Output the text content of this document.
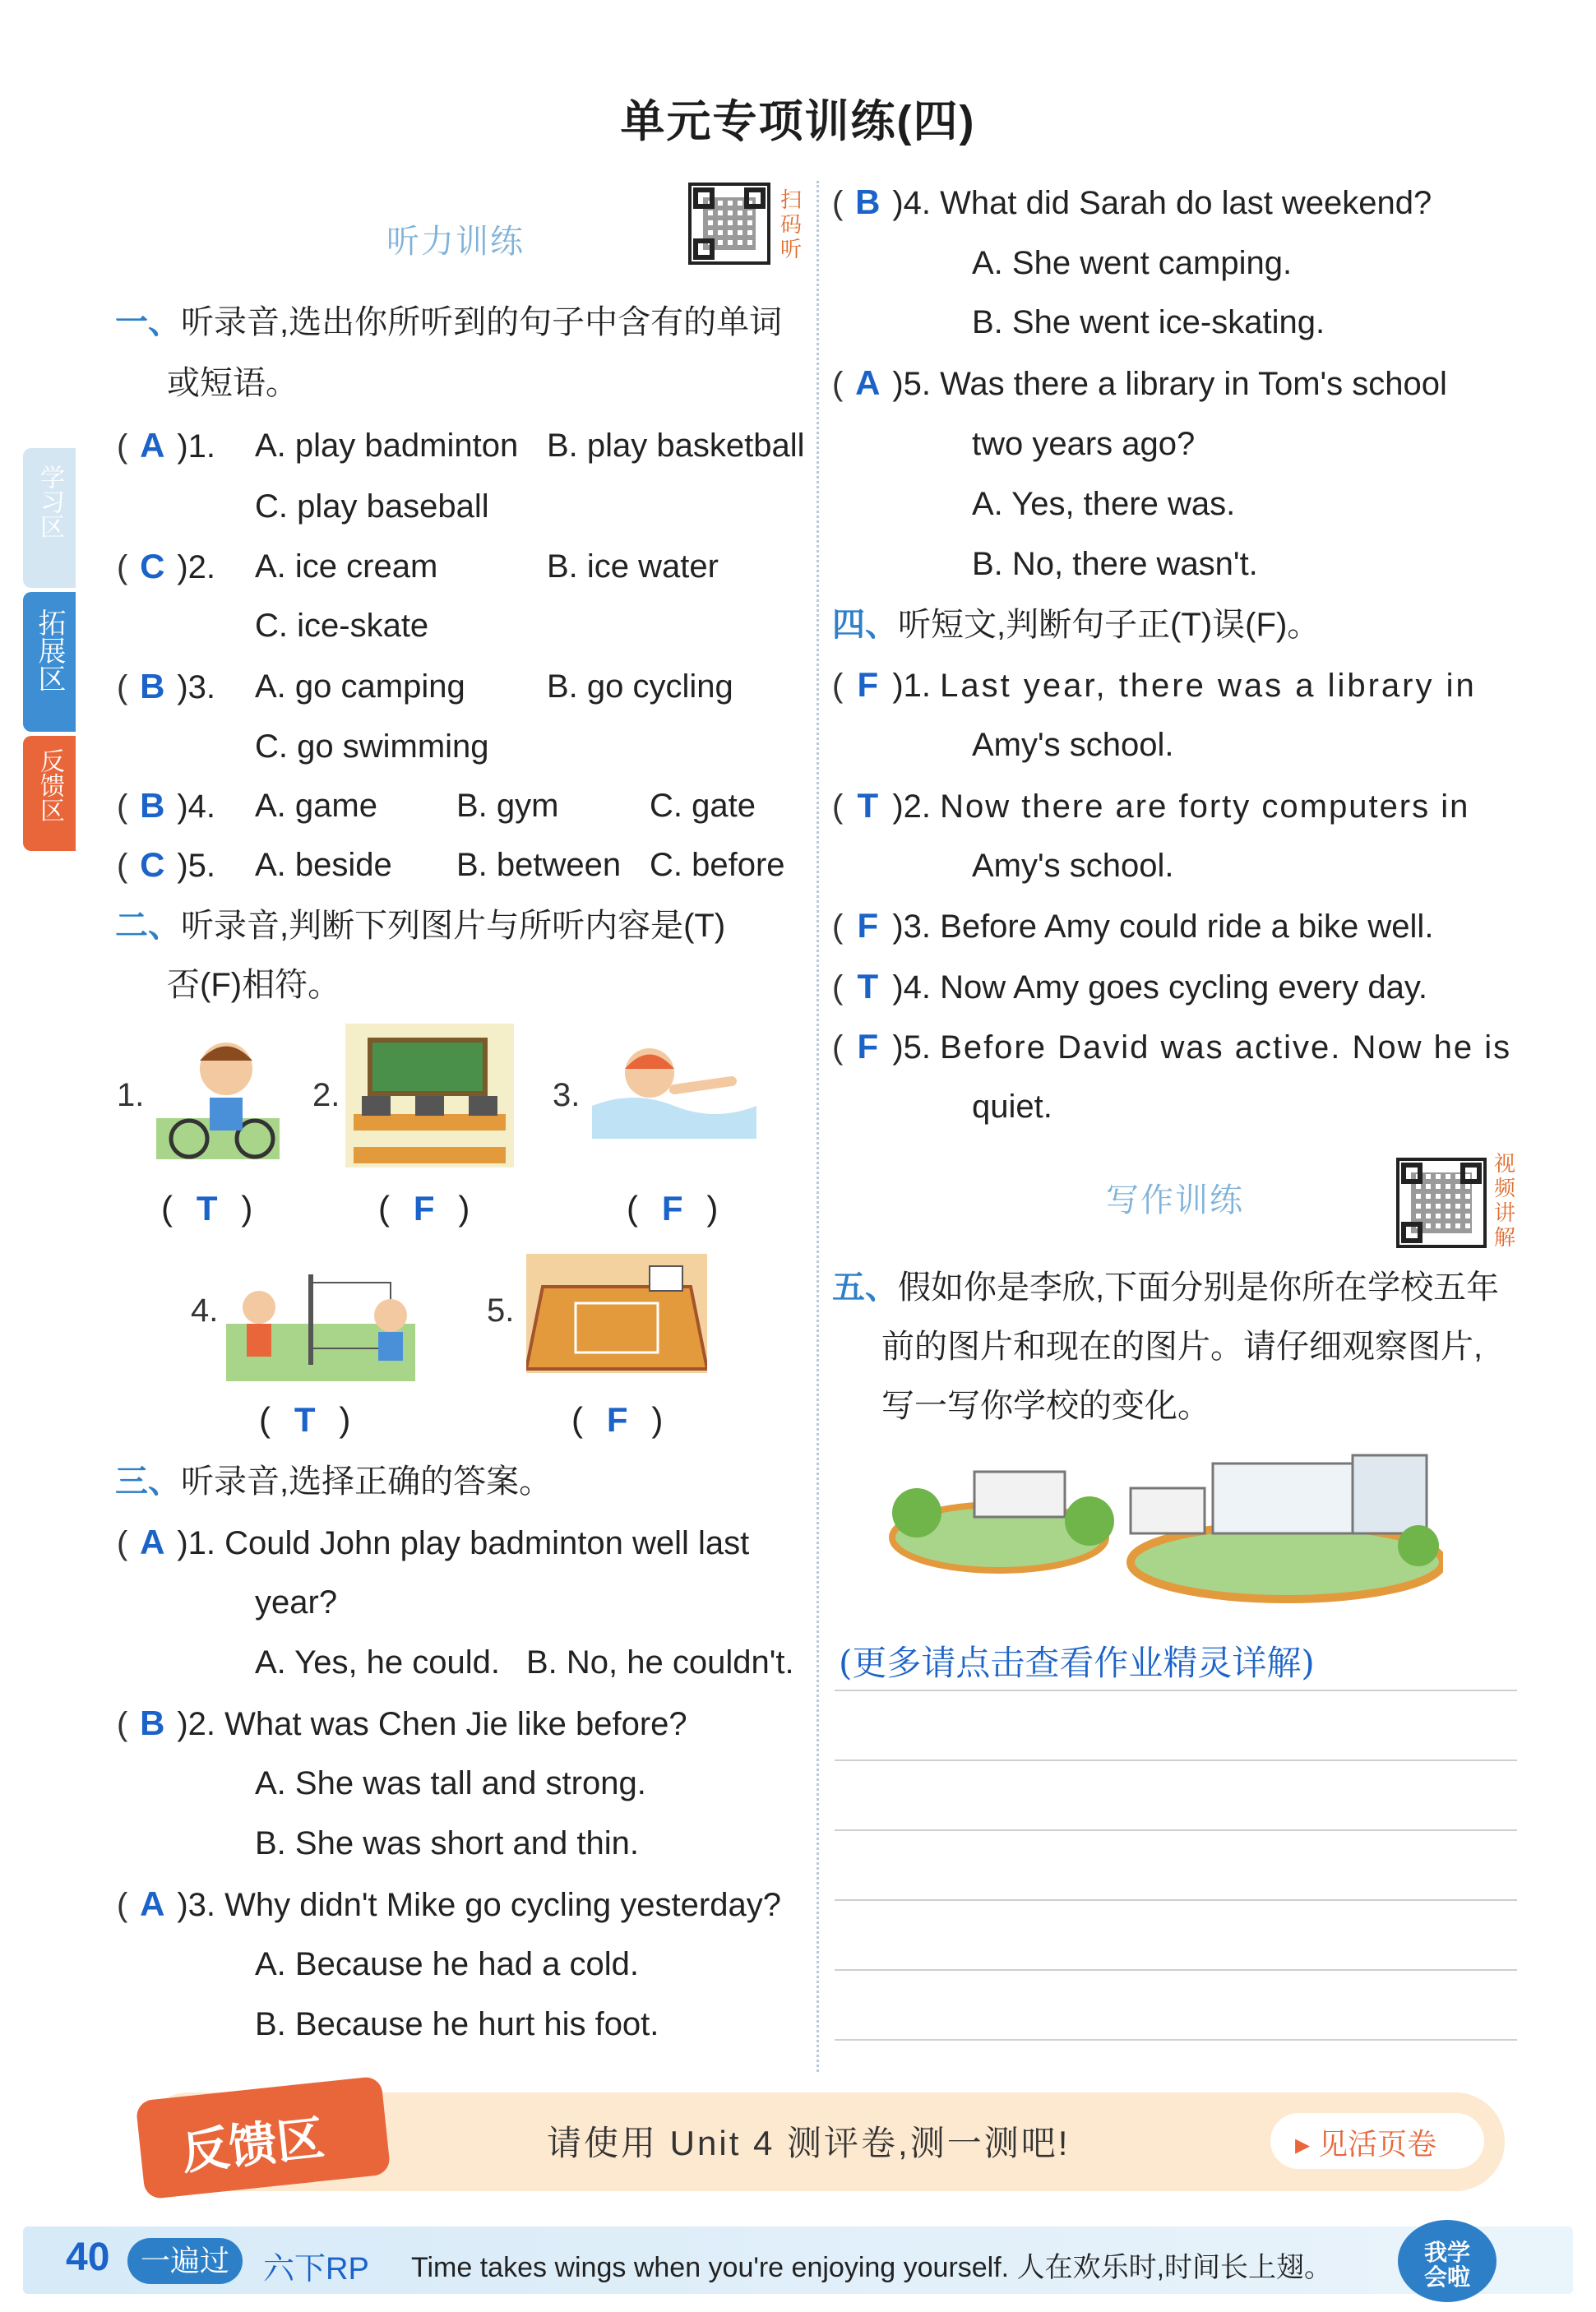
单元专项训练(四)
学习区
拓展区
反馈区
听力训练
扫码听
一、听录音,选出你所听到的句子中含有的单词
或短语。
( A )1. A. play badminton B. play basketball
C. play baseball
( C )2. A. ice cream	B. ice water
C. ice-skate
( B )3. A. go camping B. go cycling
C. go swimming
( B )4. A. game B. gym	C. gate
( C )5. A. beside B. between C. before
二、听录音,判断下列图片与所听内容是(T)
否(F)相符。
1.	2.	3.
( T )	( F )	( F )
4.	5.
( T )	( F )
三、听录音,选择正确的答案。
( A )1. Could John play badminton well last
year?
A. Yes, he could. B. No, he couldn't.
( B )2. What was Chen Jie like before?
A. She was tall and strong.
B. She was short and thin.
( A )3. Why didn't Mike go cycling yesterday?
A. Because he had a cold.
B. Because he hurt his foot.
( B )4. What did Sarah do last weekend?
A. She went camping.
B. She went ice-skating.
( A )5. Was there a library in Tom's school
two years ago?
A. Yes, there was.
B. No, there wasn't.
四、听短文,判断句子正(T)误(F)。
( F )1. Last year, there was a library in
Amy's school.
( T )2. Now there are forty computers in
Amy's school.
( F )3. Before Amy could ride a bike well.
( T )4. Now Amy goes cycling every day.
( F )5. Before David was active. Now he is
quiet.
写作训练
视频讲解
五、假如你是李欣,下面分别是你所在学校五年
前的图片和现在的图片。请仔细观察图片,
写一写你学校的变化。
(更多请点击查看作业精灵详解)
反馈区	请使用 Unit 4 测评卷,测一测吧!	▸ 见活页卷
40	一遍过	六下RP Time takes wings when you're enjoying yourself. 人在欢乐时,时间长上翅。	我学会啦
